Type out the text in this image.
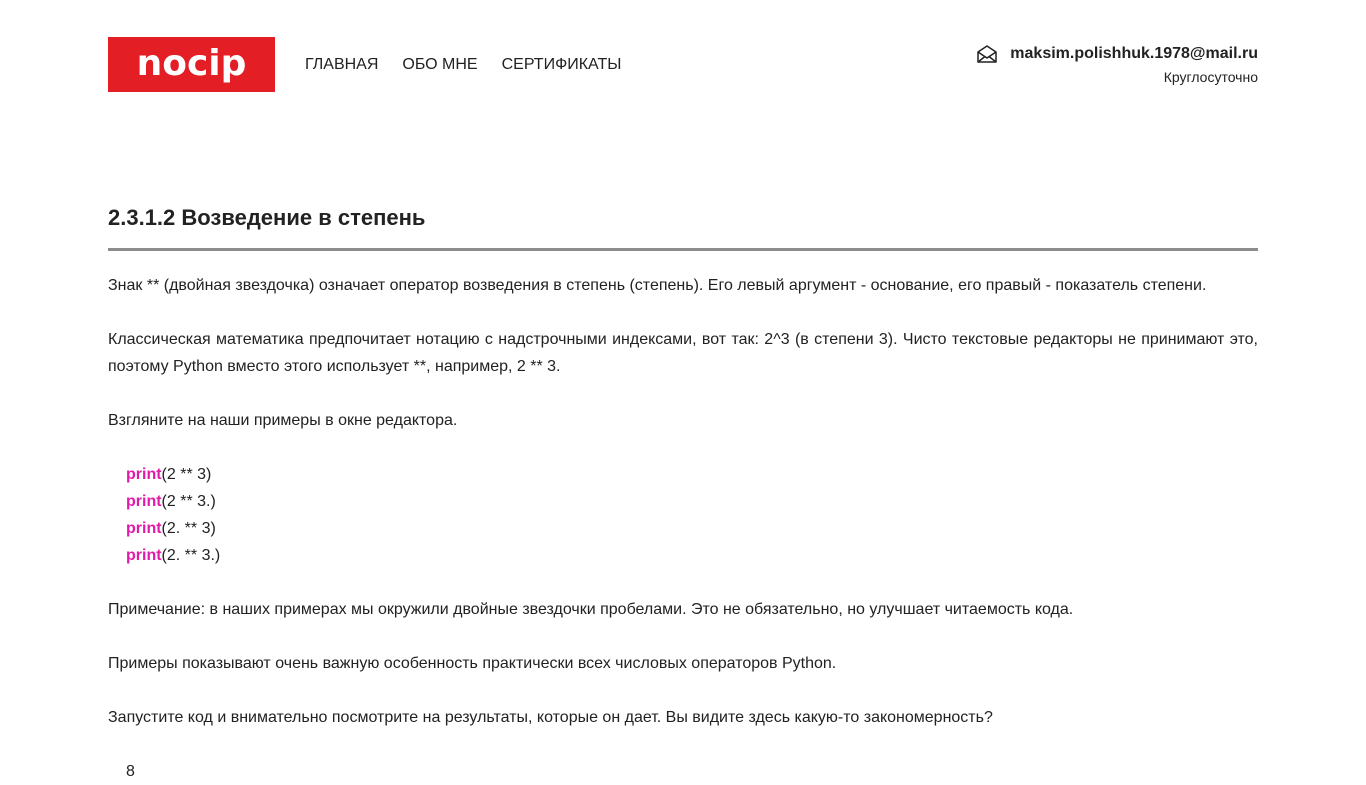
nocip	ГЛАВНАЯ ОБО МНЕ СЕРТИФИКАТЫ
maksim.polishhuk.1978@mail.ru
Круглосуточно
2.3.1.2 Возведение в степень

Знак ** (двойная звездочка) означает оператор возведения в степень (степень). Его левый аргумент - основание, его правый - показатель степени.

Классическая математика предпочитает нотацию с надстрочными индексами, вот так: 2^3 (в степени 3). Чисто текстовые редакторы не принимают это, поэтому Python вместо этого использует **, например, 2 ** 3.

Взгляните на наши примеры в окне редактора.

print(2 ** 3)
print(2 ** 3.)
print(2. ** 3)
print(2. ** 3.)

Примечание: в наших примерах мы окружили двойные звездочки пробелами. Это не обязательно, но улучшает читаемость кода.

Примеры показывают очень важную особенность практически всех числовых операторов Python.

Запустите код и внимательно посмотрите на результаты, которые он дает. Вы видите здесь какую-то закономерность?

8
